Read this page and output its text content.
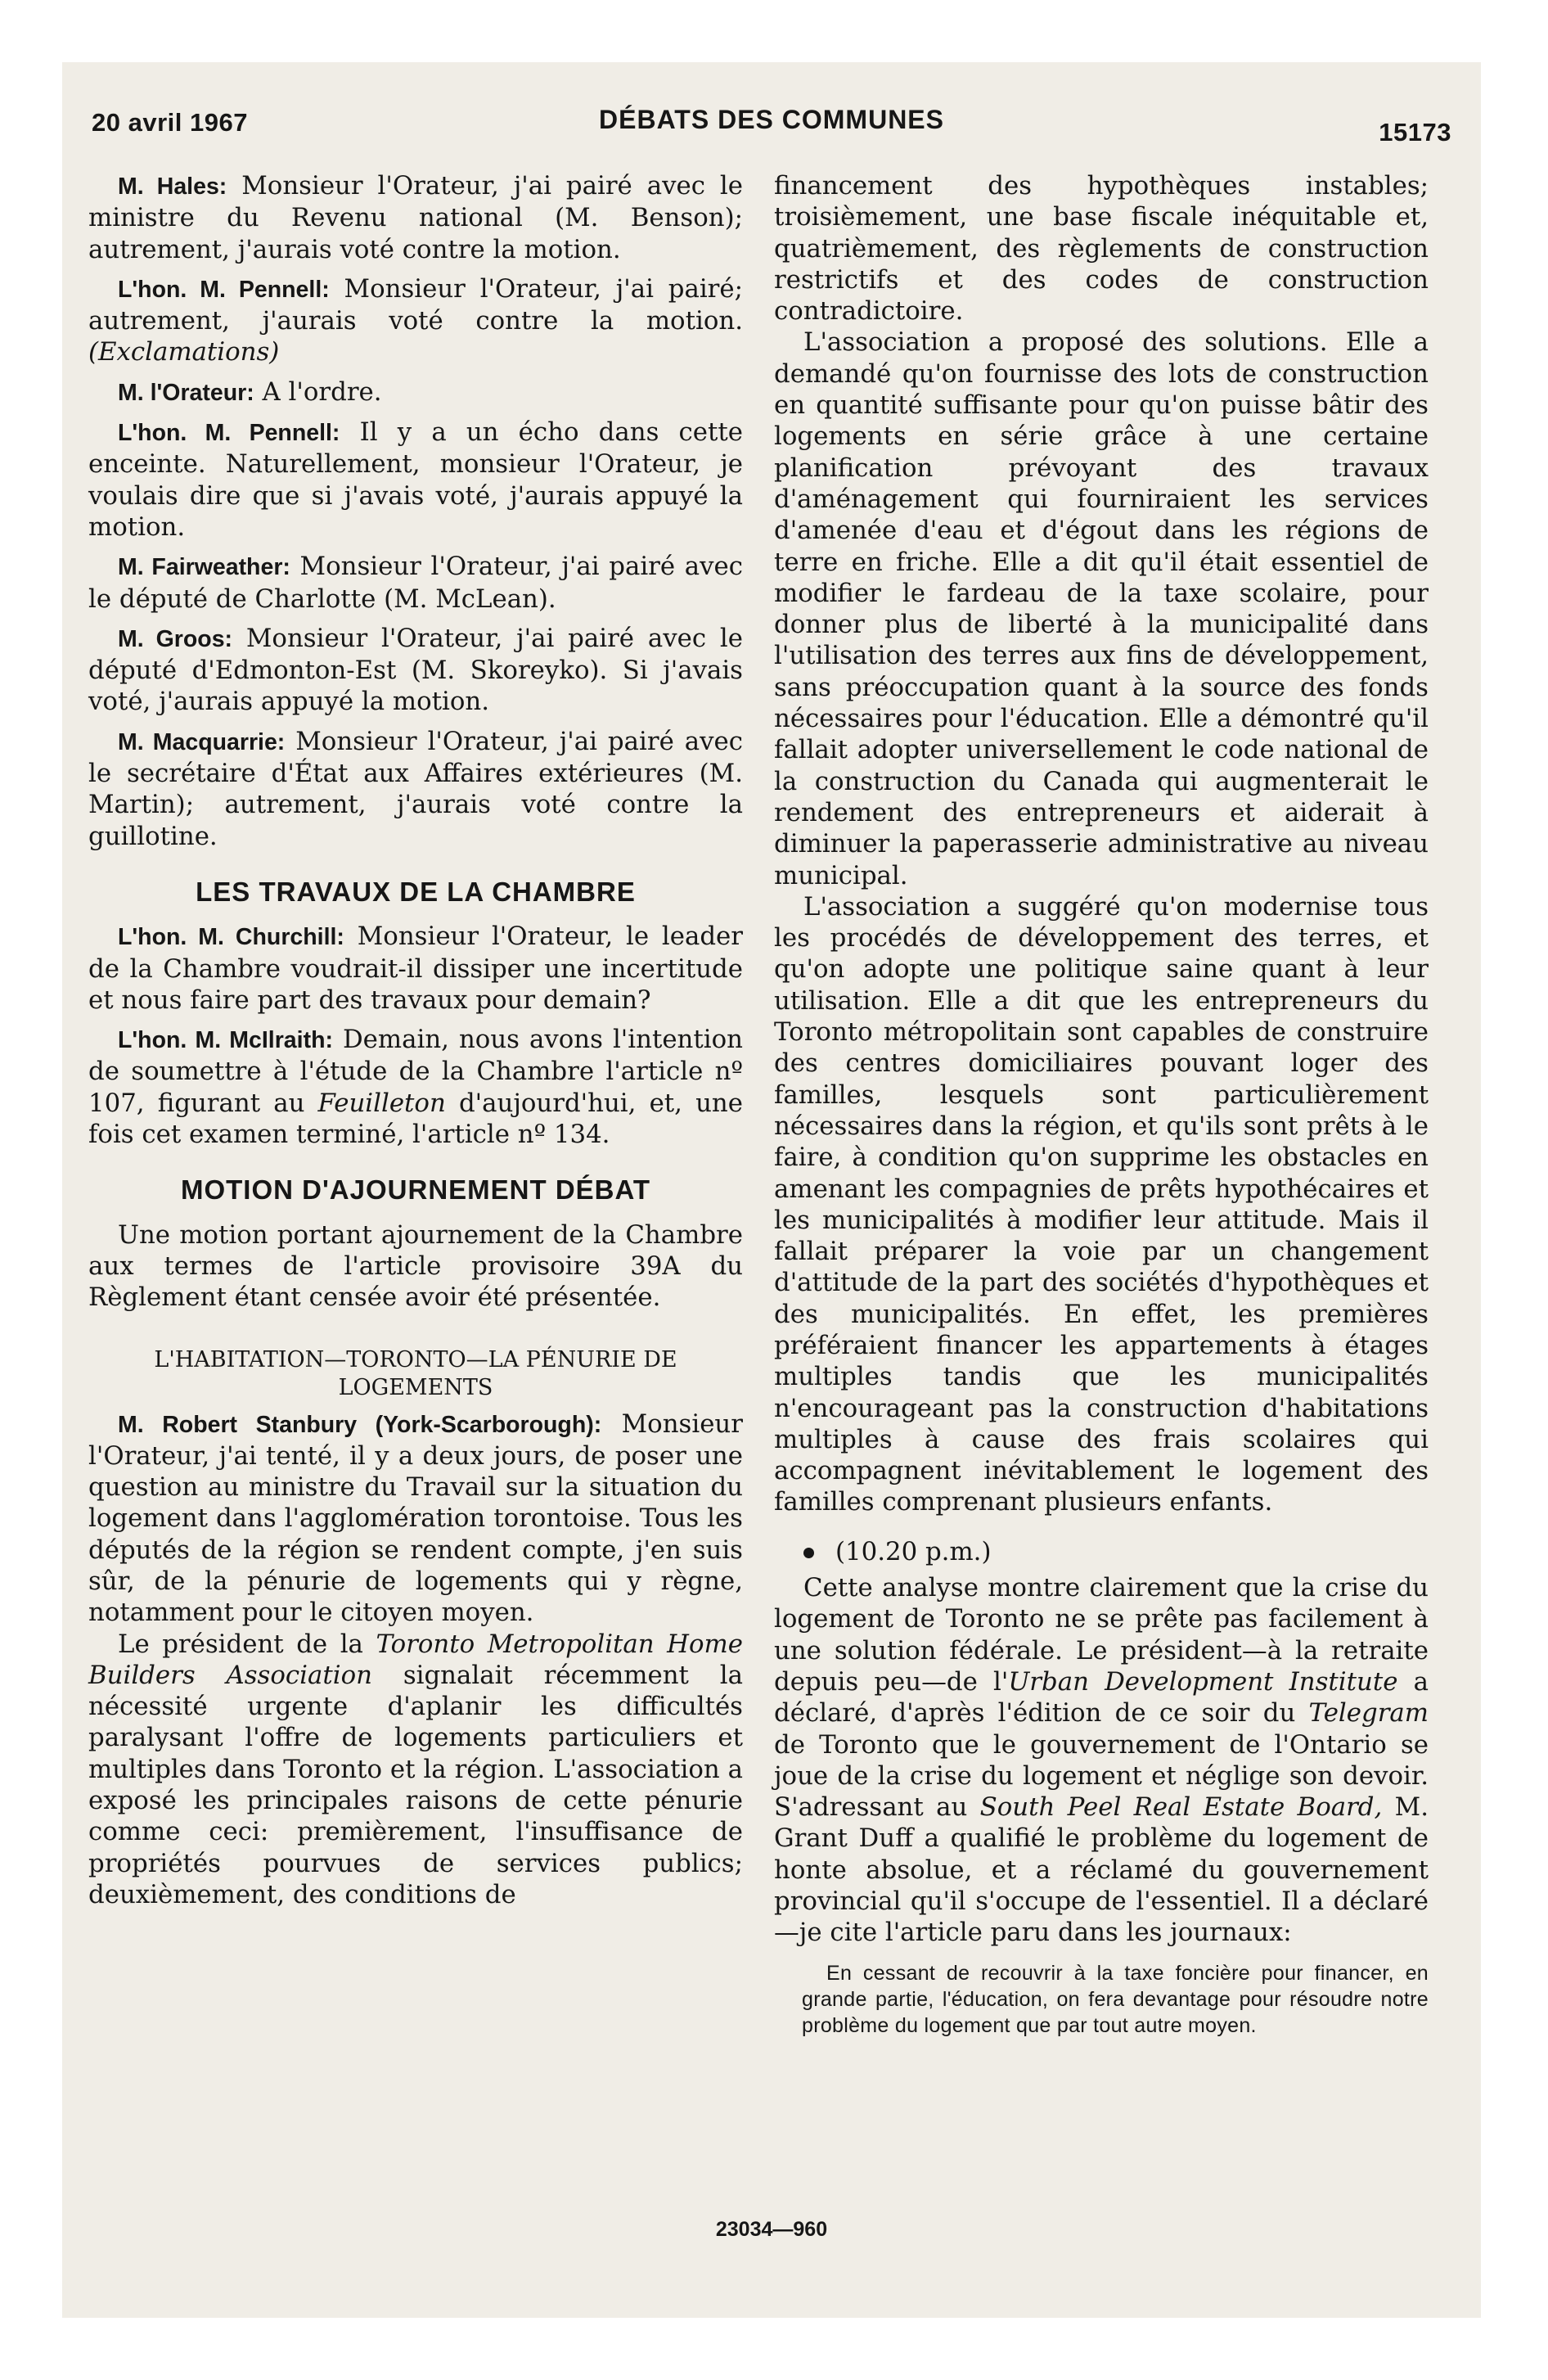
20 avril 1967	DÉBATS DES COMMUNES	15173

M. Hales: Monsieur l'Orateur, j'ai pairé avec le ministre du Revenu national (M. Benson); autrement, j'aurais voté contre la motion.

L'hon. M. Pennell: Monsieur l'Orateur, j'ai pairé; autrement, j'aurais voté contre la motion. (Exclamations)

M. l'Orateur: A l'ordre.

L'hon. M. Pennell: Il y a un écho dans cette enceinte. Naturellement, monsieur l'Orateur, je voulais dire que si j'avais voté, j'aurais appuyé la motion.

M. Fairweather: Monsieur l'Orateur, j'ai pairé avec le député de Charlotte (M. McLean).

M. Groos: Monsieur l'Orateur, j'ai pairé avec le député d'Edmonton-Est (M. Skoreyko). Si j'avais voté, j'aurais appuyé la motion.

M. Macquarrie: Monsieur l'Orateur, j'ai pairé avec le secrétaire d'État aux Affaires extérieures (M. Martin); autrement, j'aurais voté contre la guillotine.

LES TRAVAUX DE LA CHAMBRE

L'hon. M. Churchill: Monsieur l'Orateur, le leader de la Chambre voudrait-il dissiper une incertitude et nous faire part des travaux pour demain?

L'hon. M. McIlraith: Demain, nous avons l'intention de soumettre à l'étude de la Chambre l'article nº 107, figurant au Feuilleton d'aujourd'hui, et, une fois cet examen terminé, l'article nº 134.

MOTION D'AJOURNEMENT DÉBAT

Une motion portant ajournement de la Chambre aux termes de l'article provisoire 39A du Règlement étant censée avoir été présentée.

L'HABITATION—TORONTO—LA PÉNURIE DE LOGEMENTS

M. Robert Stanbury (York-Scarborough): Monsieur l'Orateur, j'ai tenté, il y a deux jours, de poser une question au ministre du Travail sur la situation du logement dans l'agglomération torontoise. Tous les députés de la région se rendent compte, j'en suis sûr, de la pénurie de logements qui y règne, notamment pour le citoyen moyen.

Le président de la Toronto Metropolitan Home Builders Association signalait récemment la nécessité urgente d'aplanir les difficultés paralysant l'offre de logements particuliers et multiples dans Toronto et la région. L'association a exposé les principales raisons de cette pénurie comme ceci: premièrement, l'insuffisance de propriétés pourvues de services publics; deuxièmement, des conditions de

financement des hypothèques instables; troisièmement, une base fiscale inéquitable et, quatrièmement, des règlements de construction restrictifs et des codes de construction contradictoire.

L'association a proposé des solutions. Elle a demandé qu'on fournisse des lots de construction en quantité suffisante pour qu'on puisse bâtir des logements en série grâce à une certaine planification prévoyant des travaux d'aménagement qui fourniraient les services d'amenée d'eau et d'égout dans les régions de terre en friche. Elle a dit qu'il était essentiel de modifier le fardeau de la taxe scolaire, pour donner plus de liberté à la municipalité dans l'utilisation des terres aux fins de développement, sans préoccupation quant à la source des fonds nécessaires pour l'éducation. Elle a démontré qu'il fallait adopter universellement le code national de la construction du Canada qui augmenterait le rendement des entrepreneurs et aiderait à diminuer la paperasserie administrative au niveau municipal.

L'association a suggéré qu'on modernise tous les procédés de développement des terres, et qu'on adopte une politique saine quant à leur utilisation. Elle a dit que les entrepreneurs du Toronto métropolitain sont capables de construire des centres domiciliaires pouvant loger des familles, lesquels sont particulièrement nécessaires dans la région, et qu'ils sont prêts à le faire, à condition qu'on supprime les obstacles en amenant les compagnies de prêts hypothécaires et les municipalités à modifier leur attitude. Mais il fallait préparer la voie par un changement d'attitude de la part des sociétés d'hypothèques et des municipalités. En effet, les premières préféraient financer les appartements à étages multiples tandis que les municipalités n'encourageant pas la construction d'habitations multiples à cause des frais scolaires qui accompagnent inévitablement le logement des familles comprenant plusieurs enfants.

(10.20 p.m.)

Cette analyse montre clairement que la crise du logement de Toronto ne se prête pas facilement à une solution fédérale. Le président—à la retraite depuis peu—de l'Urban Development Institute a déclaré, d'après l'édition de ce soir du Telegram de Toronto que le gouvernement de l'Ontario se joue de la crise du logement et néglige son devoir. S'adressant au South Peel Real Estate Board, M. Grant Duff a qualifié le problème du logement de honte absolue, et a réclamé du gouvernement provincial qu'il s'occupe de l'essentiel. Il a déclaré—je cite l'article paru dans les journaux:

En cessant de recouvrir à la taxe foncière pour financer, en grande partie, l'éducation, on fera devantage pour résoudre notre problème du logement que par tout autre moyen.
23034—960
